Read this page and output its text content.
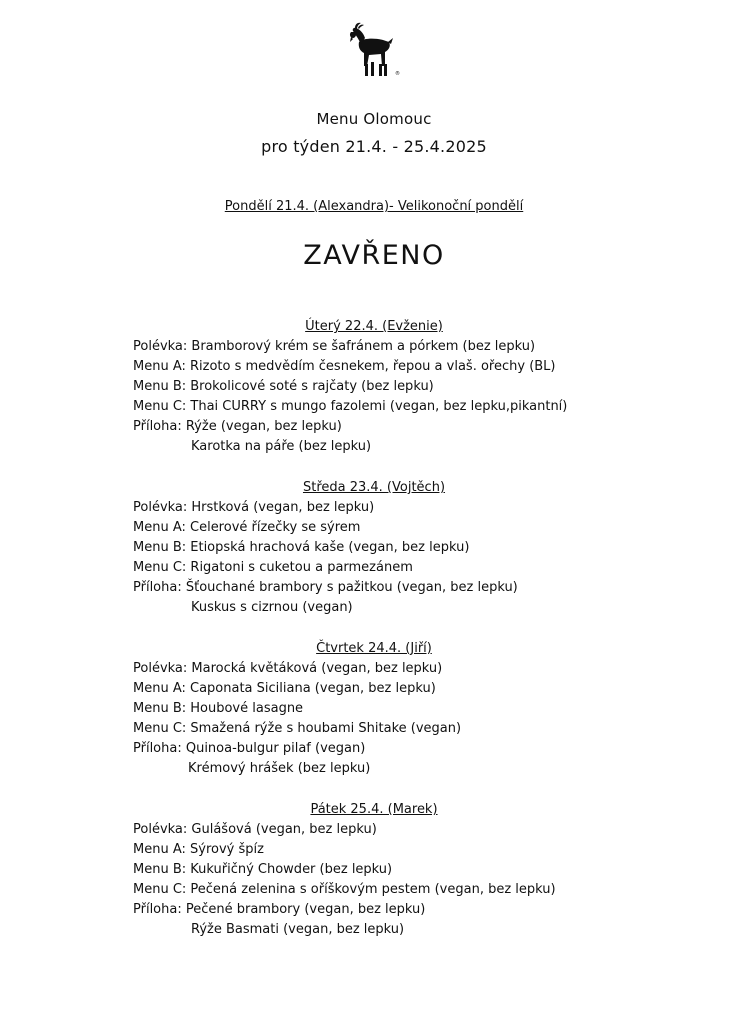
®
Menu Olomouc
pro týden 21.4. - 25.4.2025
Pondělí 21.4. (Alexandra)- Velikonoční pondělí
ZAVŘENO
Úterý 22.4. (Evženie)
Polévka: Bramborový krém se šafránem a pórkem (bez lepku)
Menu A: Rizoto s medvědím česnekem, řepou a vlaš. ořechy (BL)
Menu B: Brokolicové soté s rajčaty (bez lepku)
Menu C: Thai CURRY s mungo fazolemi (vegan, bez lepku,pikantní)
Příloha: Rýže (vegan, bez lepku)
Karotka na páře (bez lepku)
Středa 23.4. (Vojtěch)
Polévka: Hrstková (vegan, bez lepku)
Menu A: Celerové řízečky se sýrem
Menu B: Etiopská hrachová kaše (vegan, bez lepku)
Menu C: Rigatoni s cuketou a parmezánem
Příloha: Šťouchané brambory s pažitkou (vegan, bez lepku)
Kuskus s cizrnou (vegan)
Čtvrtek 24.4. (Jiří)
Polévka: Marocká květáková (vegan, bez lepku)
Menu A: Caponata Siciliana (vegan, bez lepku)
Menu B: Houbové lasagne
Menu C: Smažená rýže s houbami Shitake (vegan)
Příloha: Quinoa-bulgur pilaf (vegan)
Krémový hrášek (bez lepku)
Pátek 25.4. (Marek)
Polévka: Gulášová (vegan, bez lepku)
Menu A: Sýrový špíz
Menu B: Kukuřičný Chowder (bez lepku)
Menu C: Pečená zelenina s oříškovým pestem (vegan, bez lepku)
Příloha: Pečené brambory (vegan, bez lepku)
Rýže Basmati (vegan, bez lepku)
